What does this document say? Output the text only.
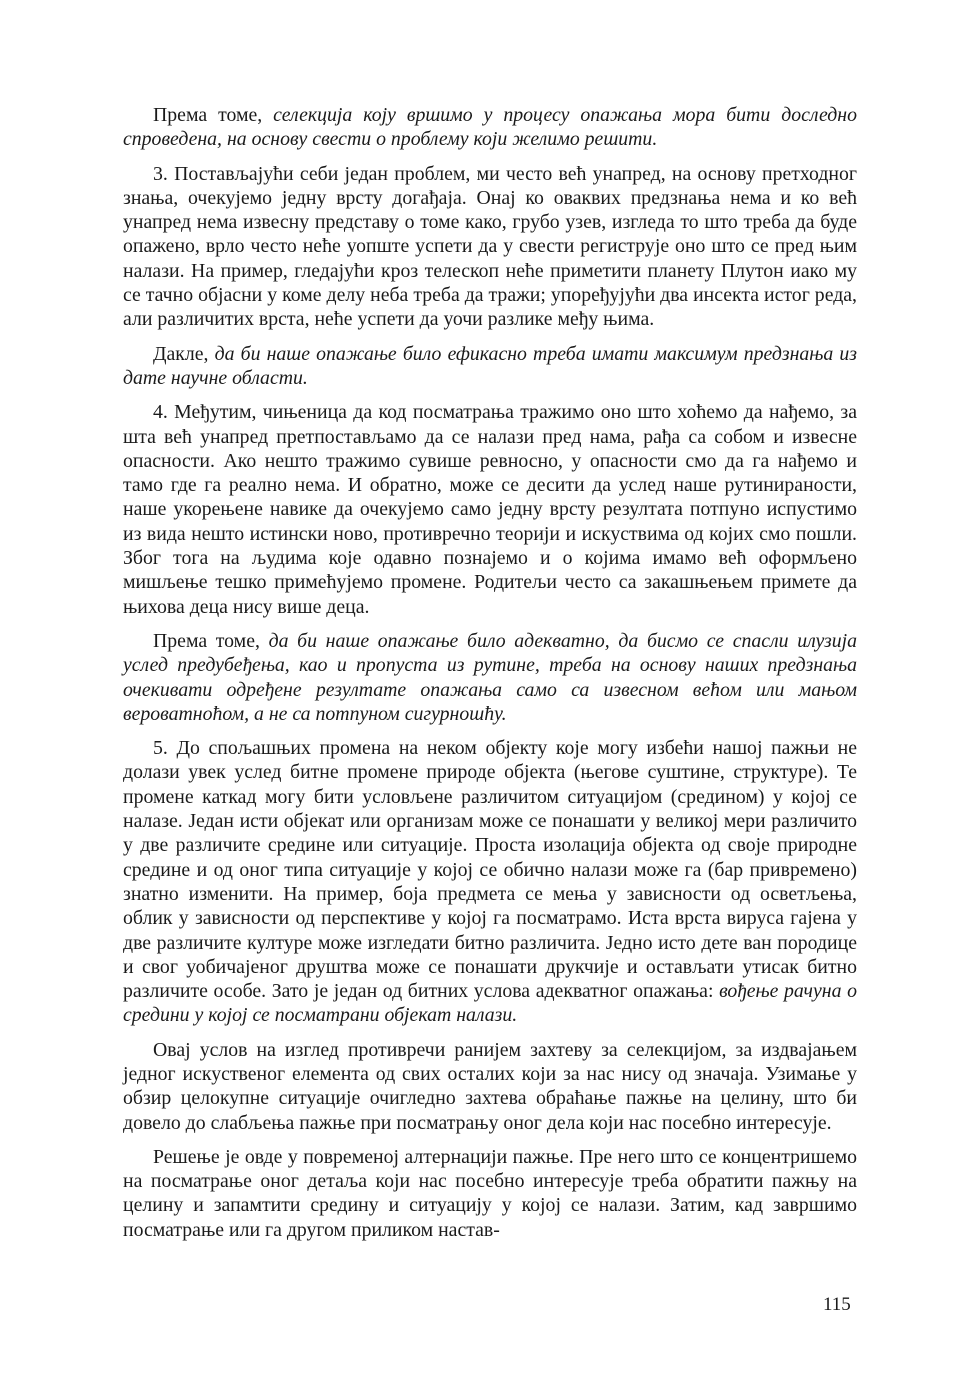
Према томе, селекција коју вршимо у процесу опажања мора бити доследно спроведена, на основу свести о проблему који желимо решити.

3. Постављајући себи један проблем, ми често већ унапред, на основу претходног знања, очекујемо једну врсту догађаја. Онај ко оваквих предзнања нема и ко већ унапред нема извесну представу о томе како, грубо узев, изгледа то што треба да буде опажено, врло често неће уопште успети да у свести региструје оно што се пред њим налази. На пример, гледајући кроз телескоп неће приметити планету Плутон иако му се тачно објасни у коме делу неба треба да тражи; упоређујући два инсекта истог реда, али различитих врста, неће успети да уочи разлике међу њима.

Дакле, да би наше опажање било ефикасно треба имати максимум предзнања из дате научне области.

4. Међутим, чињеница да код посматрања тражимо оно што хоћемо да нађемо, за шта већ унапред претпостављамо да се налази пред нама, рађа са собом и извесне опасности. Ако нешто тражимо сувише ревносно, у опасности смо да га нађемо и тамо где га реално нема. И обратно, може се десити да услед наше рутинираности, наше укорењене навике да очекујемо само једну врсту резултата потпуно испустимо из вида нешто истински ново, противречно теорији и искуствима од којих смо пошли. Због тога на људима које одавно познајемо и о којима имамо већ оформљено мишљење тешко примећујемо промене. Родитељи често са закашњењем примете да њихова деца нису више деца.

Према томе, да би наше опажање било адекватно, да бисмо се спасли илузија услед предубеђења, као и пропуста из рутине, треба на основу наших предзнања очекивати одређене резултате опажања само са извесном већом или мањом вероватноћом, а не са потпуном сигурношћу.

5. До спољашњих промена на неком објекту које могу избећи нашој пажњи не долази увек услед битне промене природе објекта (његове суштине, структуре). Те промене каткад могу бити условљене различитом ситуацијом (средином) у којој се налазе. Један исти објекат или организам може се понашати у великој мери различито у две различите средине или ситуације. Проста изолација објекта од своје природне средине и од оног типа ситуације у којој се обично налази може га (бар привремено) знатно изменити. На пример, боја предмета се мења у зависности од осветљења, облик у зависности од перспективе у којој га посматрамо. Иста врста вируса гајена у две различите културе може изгледати битно различита. Једно исто дете ван породице и свог уобичајеног друштва може се понашати друкчије и остављати утисак битно различите особе. Зато је један од битних услова адекватног опажања: вођење рачуна о средини у којој се посматрани објекат налази.

Овај услов на изглед противречи ранијем захтеву за селекцијом, за издвајањем једног искуственог елемента од свих осталих који за нас нису од значаја. Узимање у обзир целокупне ситуације очигледно захтева обраћање пажње на целину, што би довело до слабљења пажње при посматрању оног дела који нас посебно интересује.

Решење је овде у повременој алтернацији пажње. Пре него што се концентришемо на посматрање оног детаља који нас посебно интересује треба обратити пажњу на целину и запамтити средину и ситуацију у којој се налази. Затим, кад завршимо посматрање или га другом приликом настав-

115
